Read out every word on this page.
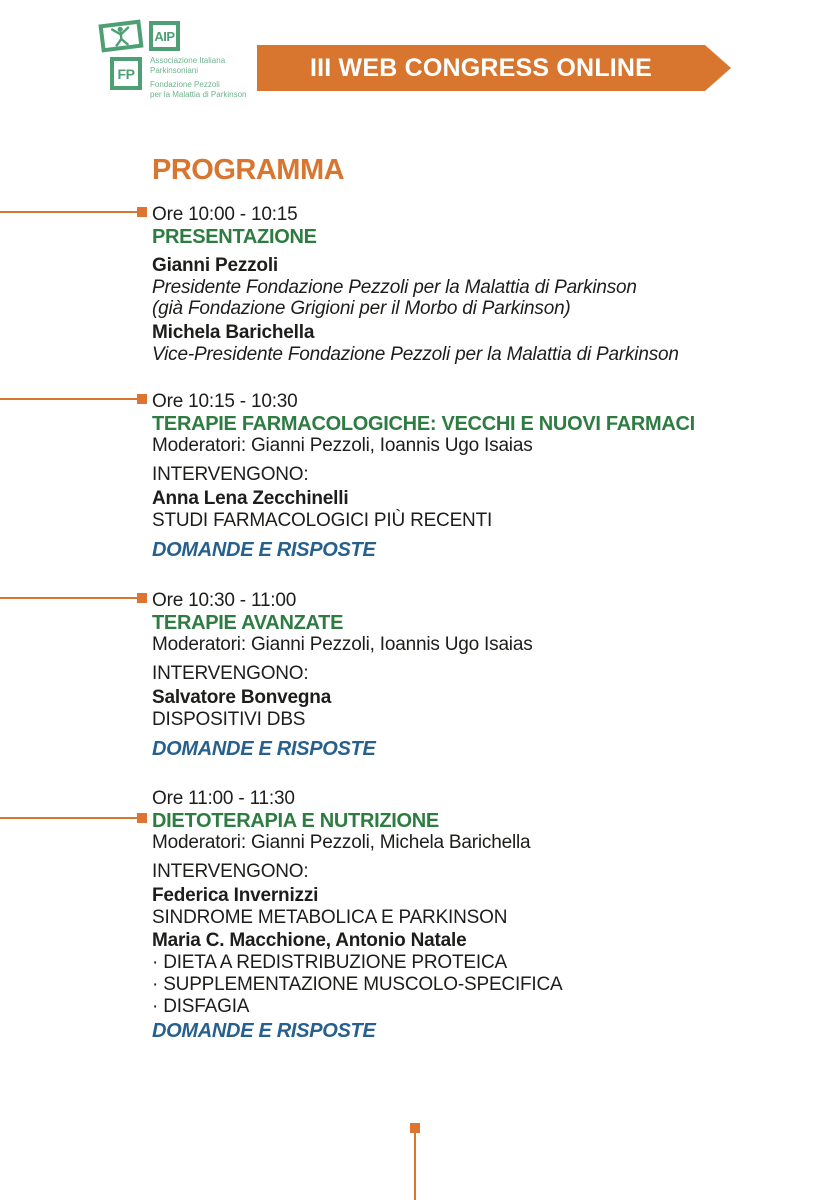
AIP
FP

Associazione Italiana
Parkinsoniani

Fondazione Pezzoli
per la Malattia di Parkinson

III WEB CONGRESS ONLINE
PROGRAMMA
Ore 10:00 - 10:15
PRESENTAZIONE
Gianni Pezzoli
Presidente Fondazione Pezzoli per la Malattia di Parkinson
(già Fondazione Grigioni per il Morbo di Parkinson)
Michela Barichella
Vice-Presidente Fondazione Pezzoli per la Malattia di Parkinson
Ore 10:15 - 10:30
TERAPIE FARMACOLOGICHE: VECCHI E NUOVI FARMACI
Moderatori: Gianni Pezzoli, Ioannis Ugo Isaias
INTERVENGONO:
Anna Lena Zecchinelli
STUDI FARMACOLOGICI PIÙ RECENTI
DOMANDE E RISPOSTE
Ore 10:30 - 11:00
TERAPIE AVANZATE
Moderatori: Gianni Pezzoli, Ioannis Ugo Isaias
INTERVENGONO:
Salvatore Bonvegna
DISPOSITIVI DBS
DOMANDE E RISPOSTE
Ore 11:00 - 11:30
DIETOTERAPIA E NUTRIZIONE
Moderatori: Gianni Pezzoli, Michela Barichella
INTERVENGONO:
Federica Invernizzi
SINDROME METABOLICA E PARKINSON
Maria C. Macchione, Antonio Natale
· DIETA A REDISTRIBUZIONE PROTEICA
· SUPPLEMENTAZIONE MUSCOLO-SPECIFICA
· DISFAGIA
DOMANDE E RISPOSTE
